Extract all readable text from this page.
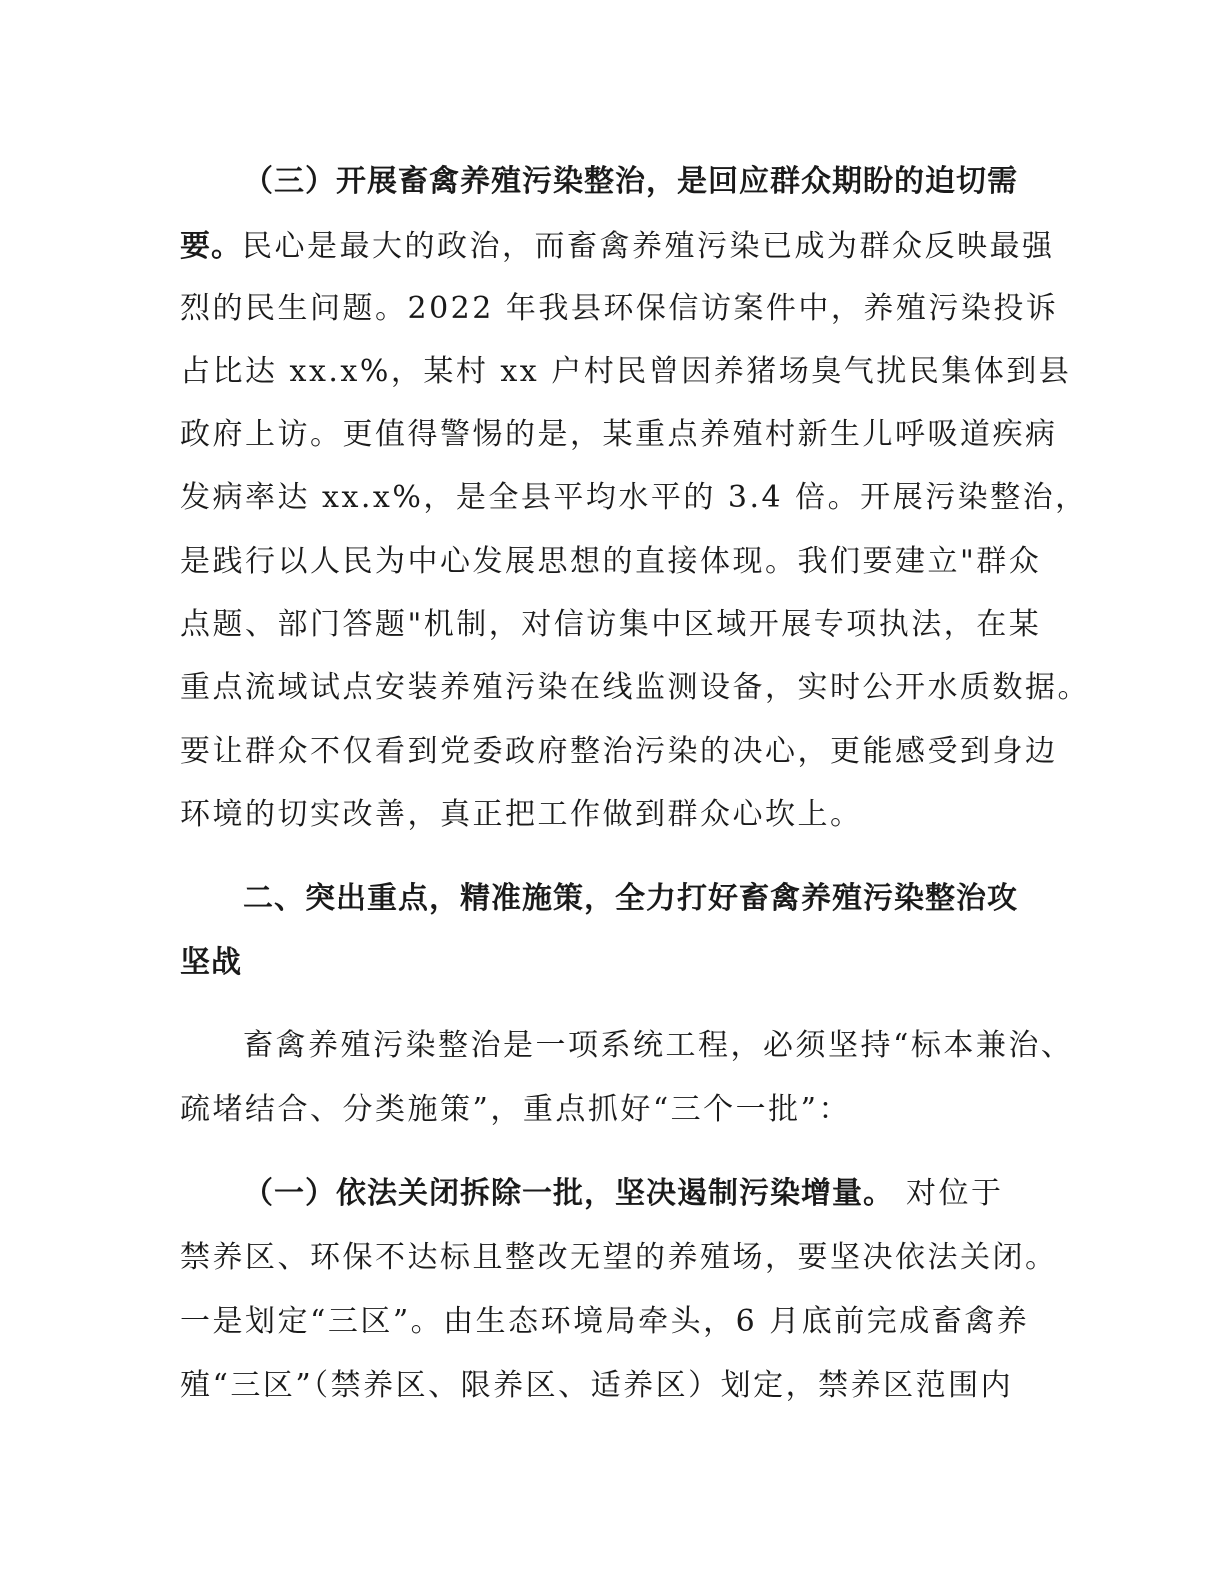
（三）开展畜禽养殖污染整治，是回应群众期盼的迫切需
要。民心是最大的政治，而畜禽养殖污染已成为群众反映最强
烈的民生问题。2022 年我县环保信访案件中，养殖污染投诉
占比达 xx.x%，某村 xx 户村民曾因养猪场臭气扰民集体到县
政府上访。更值得警惕的是，某重点养殖村新生儿呼吸道疾病
发病率达 xx.x%，是全县平均水平的 3.4 倍。开展污染整治，
是践行以人民为中心发展思想的直接体现。我们要建立"群众
点题、部门答题"机制，对信访集中区域开展专项执法，在某
重点流域试点安装养殖污染在线监测设备，实时公开水质数据。
要让群众不仅看到党委政府整治污染的决心，更能感受到身边
环境的切实改善，真正把工作做到群众心坎上。
二、突出重点，精准施策，全力打好畜禽养殖污染整治攻
坚战
畜禽养殖污染整治是一项系统工程，必须坚持“标本兼治、
疏堵结合、分类施策”，重点抓好“三个一批”：
（一）依法关闭拆除一批，坚决遏制污染增量。 对位于
禁养区、环保不达标且整改无望的养殖场，要坚决依法关闭。
一是划定“三区”。由生态环境局牵头，6 月底前完成畜禽养
殖“三区”（禁养区、限养区、适养区）划定，禁养区范围内
